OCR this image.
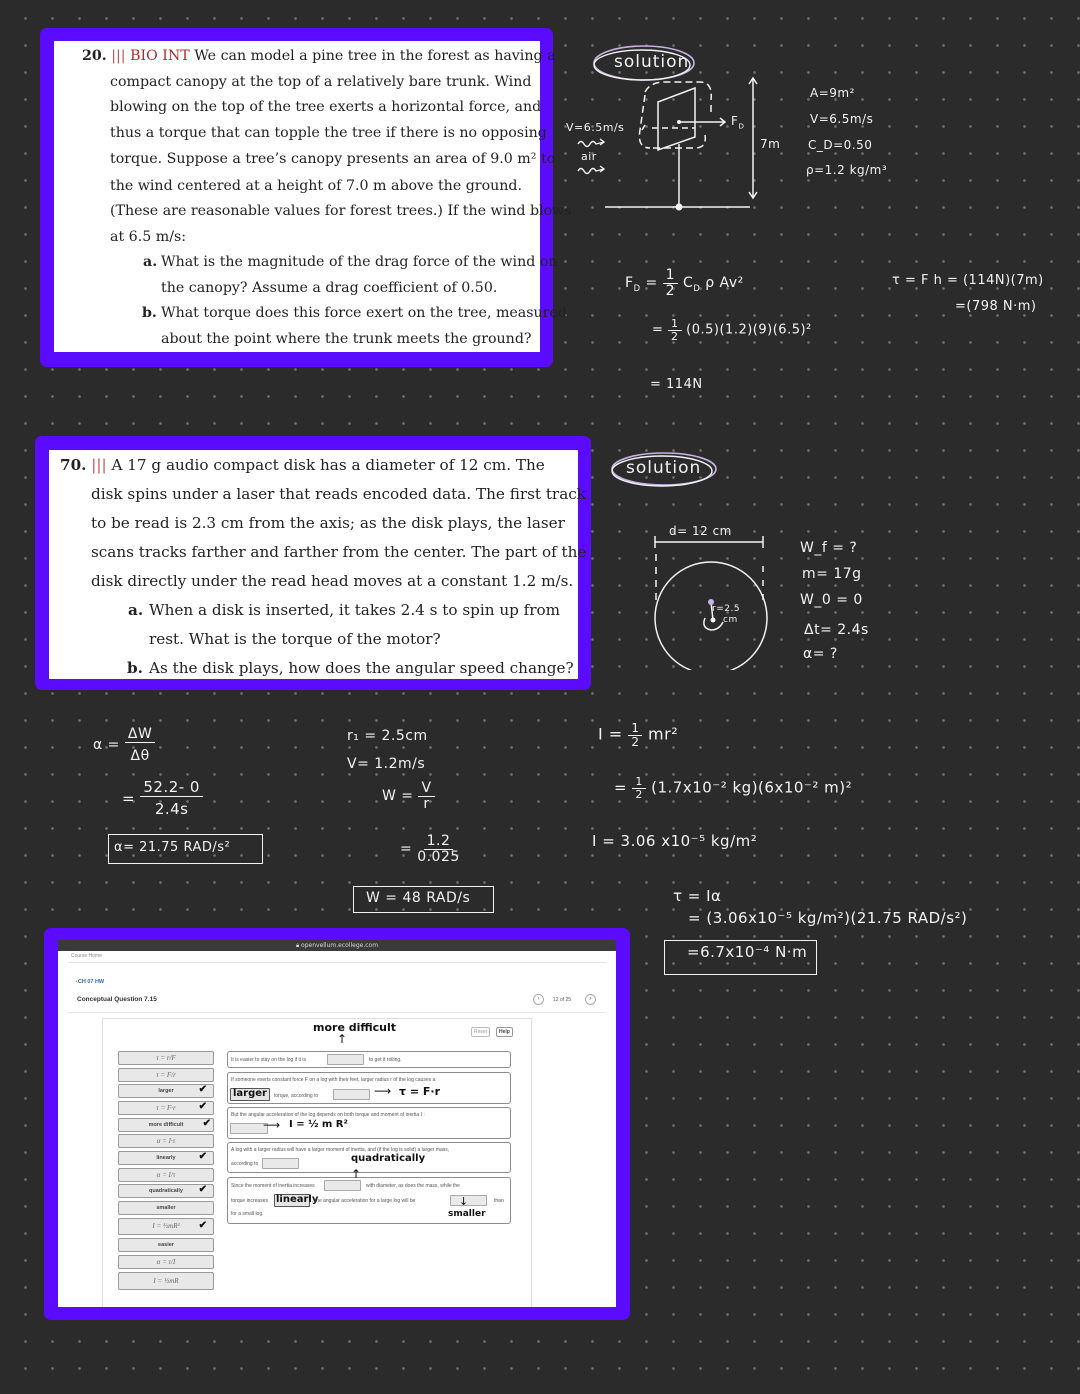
20. ||| BIO INT We can model a pine tree in the forest as having a

compact canopy at the top of a relatively bare trunk. Wind

blowing on the top of the tree exerts a horizontal force, and

thus a torque that can topple the tree if there is no opposing

torque. Suppose a tree’s canopy presents an area of 9.0 m² to

the wind centered at a height of 7.0 m above the ground.

(These are reasonable values for forest trees.) If the wind blows

at 6.5 m/s:

a. What is the magnitude of the drag force of the wind on

the canopy? Assume a drag coefficient of 0.50.

b. What torque does this force exert on the tree, measured

about the point where the trunk meets the ground?

solution
$F_D$
7m
V=6.5m/s
air
A=9m²
V=6.5m/s
C_D=0.50
ρ=1.2 kg/m³
$F_D = \frac{1}{2} C_D$ ρ Av²
= $\frac{1}{2} (0.5)(1.2)(9)(6.5)^2$
= 114N
τ = F h = (114N)(7m)
=(798 N·m)

70. ||| A 17 g audio compact disk has a diameter of 12 cm. The

disk spins under a laser that reads encoded data. The first track

to be read is 2.3 cm from the axis; as the disk plays, the laser

scans tracks farther and farther from the center. The part of the

disk directly under the read head moves at a constant 1.2 m/s.

a. When a disk is inserted, it takes 2.4 s to spin up from

rest. What is the torque of the motor?

b. As the disk plays, how does the angular speed change?

solution
d= 12 cm
r=2.5
cm
W_f = ?
m= 17g
W_0 = 0
Δt= 2.4s
α= ?
$\alpha = \frac{\Delta W}{\Delta\theta}$
= $\frac{52.2- 0}{2.4s}$
α= 21.75 RAD/s²
r₁ = 2.5cm
V= 1.2m/s
$W = \frac{V}{r}$
= $\frac{1.2}{0.025}$
W = 48 RAD/s
$I = \frac{1}{2} mr^2$
= $\frac{1}{2} (1.7x10^{-2}$ kg)(6x10⁻² m)²
I = 3.06 x10⁻⁵ kg/m²
τ = Iα
= (3.06x10⁻⁵ kg/m²)(21.75 RAD/s²)
=6.7x10⁻⁴ N·m
🔒︎ openvellum.ecollege.com
Course Home
‹CH 07 HW
Conceptual Question 7.15	‹	12 of 25	›
Reset	Help
τ = r/F
τ = F/r
larger ✔
τ = F·r ✔
more difficult ✔
α = I·τ
linearly ✔
α = I/τ
quadratically ✔
smaller
I = ½mR² ✔
easier
α = τ/I
I = ½mR
It is easier to stay on the log if it is	to get it rolling.
If someone exerts constant force F on a log with their feet, larger radius r of the log causes a
larger torque, according to
But the angular acceleration of the log depends on both torque and moment of inertia I :
A log with a larger radius will have a larger moment of inertia, and (if the log is solid) a larger mass,
according to
Since the moment of inertia increases	with diameter, as does the mass, while the
torque increases linearly
, the angular acceleration for a large log will be	than
for a small log.
more difficult
↑
⟶ τ = F·r
⟶ I = ½ m R²
quadratically
↑
↓
smaller
